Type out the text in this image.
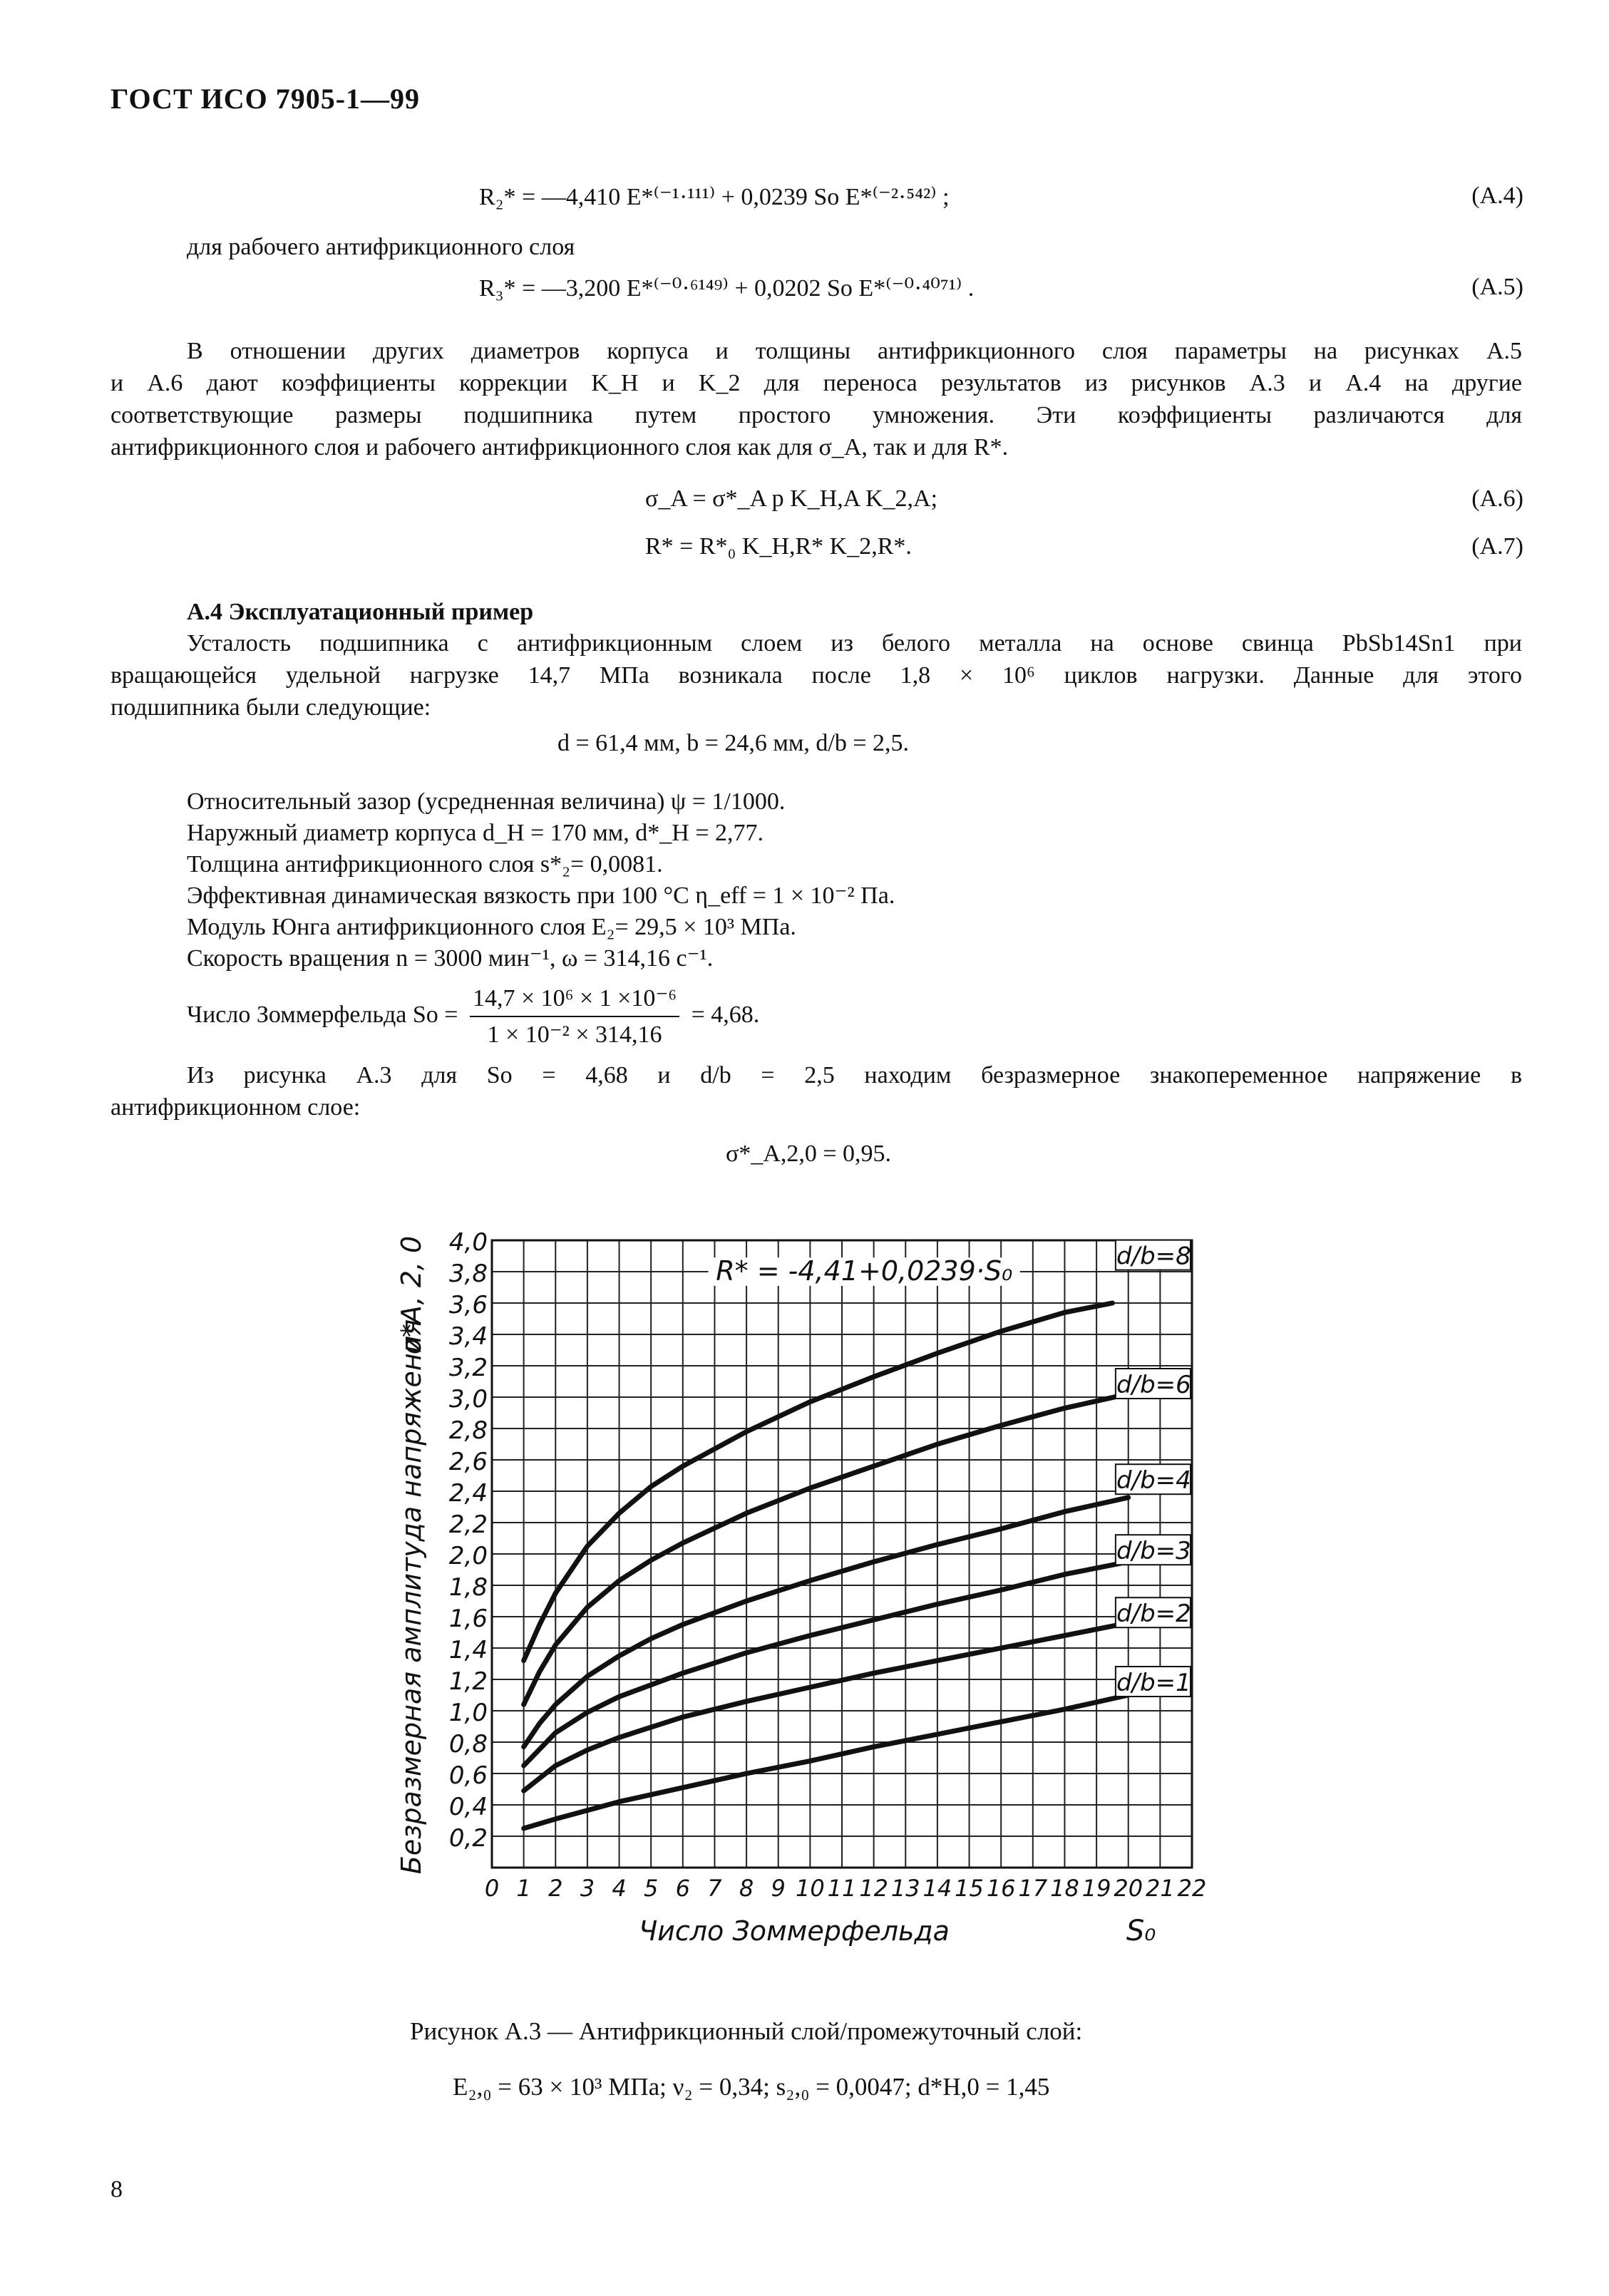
ГОСТ ИСО 7905-1—99
R₂* = —4,410 E*⁽⁻¹·¹¹¹⁾ + 0,0239 So E*⁽⁻²·⁵⁴²⁾ ;	(A.4)
для рабочего антифрикционного слоя
R₃* = —3,200 E*⁽⁻⁰·⁶¹⁴⁹⁾ + 0,0202 So E*⁽⁻⁰·⁴⁰⁷¹⁾ .	(A.5)
В отношении других диаметров корпуса и толщины антифрикционного слоя параметры на рисунках A.5
и A.6 дают коэффициенты коррекции K_H и K_2 для переноса результатов из рисунков A.3 и A.4 на другие
соответствующие размеры подшипника путем простого умножения. Эти коэффициенты различаются для
антифрикционного слоя и рабочего антифрикционного слоя как для σ_A, так и для R*.
σ_A = σ*_A p K_H,A K_2,A;	(A.6)
R* = R*₀ K_H,R* K_2,R*.	(A.7)
A.4 Эксплуатационный пример
Усталость подшипника с антифрикционным слоем из белого металла на основе свинца PbSb14Sn1 при
вращающейся удельной нагрузке 14,7 МПа возникала после 1,8 × 10⁶ циклов нагрузки. Данные для этого
подшипника были следующие:
d = 61,4 мм, b = 24,6 мм, d/b = 2,5.
Относительный зазор (усредненная величина) ψ = 1/1000.
Наружный диаметр корпуса d_H = 170 мм, d*_H = 2,77.
Толщина антифрикционного слоя s*₂= 0,0081.
Эффективная динамическая вязкость при 100 °C η_eff = 1 × 10⁻² Па.
Модуль Юнга антифрикционного слоя E₂= 29,5 × 10³ МПа.
Скорость вращения n = 3000 мин⁻¹, ω = 314,16 с⁻¹.
Число Зоммерфельда $So = \frac{\text{14,7 × 10⁶ × 1 ×10⁻⁶}}{\text{1 × 10⁻² × 314,16}} = 4,68$.
Из рисунка A.3 для So = 4,68 и d/b = 2,5 находим безразмерное знакопеременное напряжение в
антифрикционном слое:
σ*_A,2,0 = 0,95.
0,2
0,4
0,6
0,8
1,0
1,2
1,4
1,6
1,8
2,0
2,2
2,4
2,6
2,8
3,0
3,2
3,4
3,6
3,8
4,0
0 1 2 3 4 5 6 7 8 9 10 11 12 13 14 15 16 17 18 19 20 21 22
d/b=8
d/b=6
d/b=4
d/b=3
d/b=2
d/b=1
R* = -4,41+0,0239·S₀
Число Зоммерфельда	S₀
Безразмерная амплитуда напряжения
σ*A, 2, 0
Рисунок A.3 — Антифрикционный слой/промежуточный слой:
E₂,₀ = 63 × 10³ МПа; ν₂ = 0,34; s₂,₀ = 0,0047; d*H,0 = 1,45
8
